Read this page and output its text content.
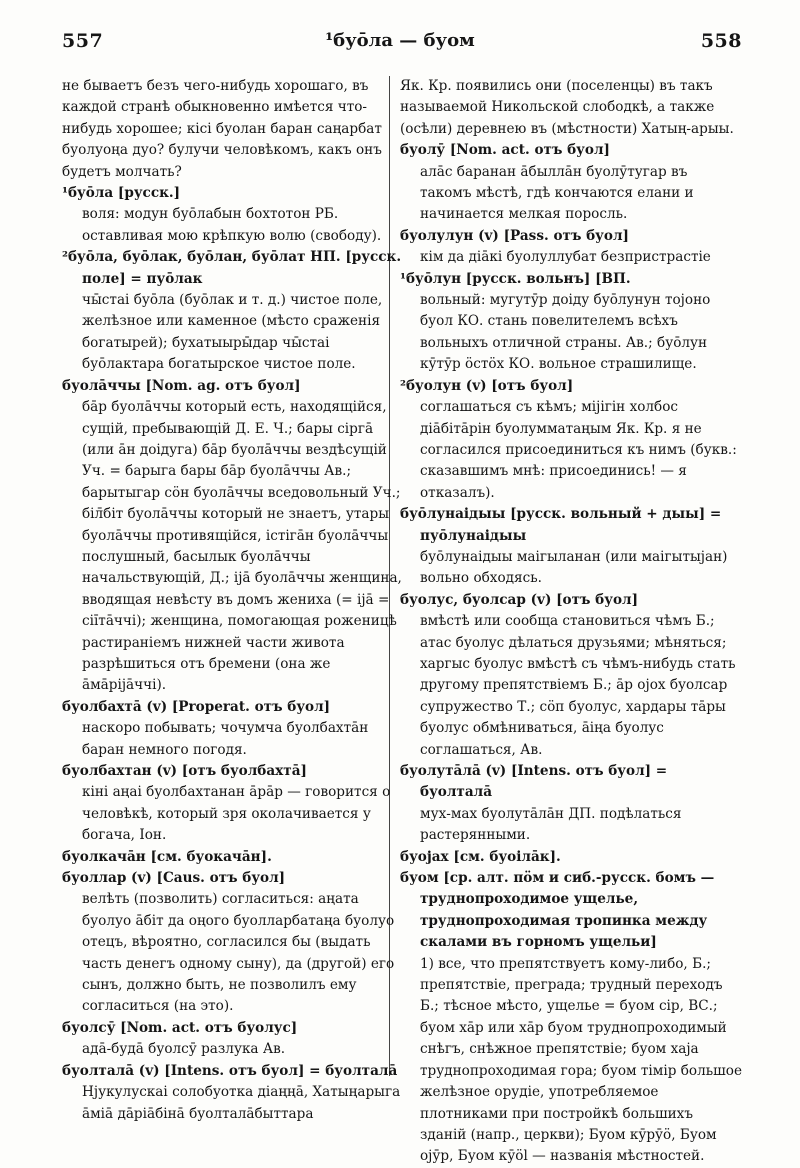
557	¹буо̄ла — буом	558
не бываетъ безъ чего-нибудь хорошаго, въ каждой странѣ обыкновенно имѣется что-нибудь хорошее; кісі буолан баран саңарбат буолуоңа дуо? булучи человѣкомъ, какъ онъ будетъ молчать?
¹буо̄ла [русск.]
воля: модун буо̄лабын бохтотон РБ. оставливая мою крѣпкую волю (свободу).
²буо̄ла, буо̄лак, буо̄лан, буо̄лат НП. [русск. поле] = пуо̄лак
чы̄стаі буо̄ла (буо̄лак и т. д.) чистое поле, желѣзное или каменное (мѣсто сраженія богатырей); бухатыыры̄дар чы̄стаі буо̄лактара богатырское чистое поле.
буола̄ччы [Nom. ag. отъ буол]
ба̄р буола̄ччы который есть, находящійся, сущій, пребывающій Д. Е. Ч.; бары сірга̄ (или а̄н доідуга) ба̄р буола̄ччы вездѣсущій Уч. = барыга бары ба̄р буола̄ччы Ав.; барытыгар сӧн буола̄ччы вседовольный Уч.; біл̄біт буола̄ччы который не знаетъ, утары буола̄ччы противящійся, істіга̄н буола̄ччы послушный, басылык буола̄ччы начальствующій, Д.; іjа̄ буола̄ччы женщина, вводящая невѣсту въ домъ жениха (= іjа̄ = сіі̄та̄ччі); женщина, помогающая роженицѣ растираніемъ нижней части живота разрѣшиться отъ бремени (она же а̄ма̄ріjāччі).
буолбахта̄ (v) [Properat. отъ буол]
наскоро побывать; чочумча буолбахта̄н баран немного погодя.
буолбахтан (v) [отъ буолбахта̄]
кіні аңаі буолбахтанан а̄ра̄р — говорится о человѣкѣ, который зря околачивается у богача, Іон.
буолкача̄н [см. буокача̄н].
буоллар (v) [Caus. отъ буол]
велѣть (позволить) согласиться: аңата буолуо а̄біт да оңого буолларбатаңа буолуо отецъ, вѣроятно, согласился бы (выдать часть денегъ одному сыну), да (другой) его сынъ, должно быть, не позволилъ ему согласиться (на это).
буолсӯ [Nom. act. отъ буолус]
ада̄-буда̄ буолсӯ разлука Ав.
буолтала̄ (v) [Intens. отъ буол] = буолтала̄
Нјукулускаі солобуотка діаңңа̄, Хатыңарыга а̄міа̄ да̄ріа̄біна̄ буолтала̄быттара
Як. Кр. появились они (поселенцы) въ такъ называемой Никольской слободкѣ, а также (осѣли) деревнею въ (мѣстности) Хатың-арыы.
буолӯ [Nom. act. отъ буол]
ала̄с баранан а̄былла̄н буолӯтугар въ такомъ мѣстѣ, гдѣ кончаются елани и начинается мелкая поросль.
буолулун (v) [Pass. отъ буол]
кім да діа̄кі буолуллубат безпристрастіе
¹буо̄лун [русск. вольнъ] [ВП.
вольный: мугутӯр доіду буо̄лунун тојоно буол КО. стань повелителемъ всѣхъ вольныхъ отличной страны. Ав.; буо̄лун кӯтӯр ӧстӧх КО. вольное страшилище.
²буолун (v) [отъ буол]
соглашаться съ кѣмъ; міjігін холбос діа̄біта̄рін буолумматаңым Як. Кр. я не согласился присоединиться къ нимъ (букв.: сказавшимъ мнѣ: присоединись! — я отказалъ).
буо̄лунаідыы [русск. вольный + дыы] = пуо̄лунаідыы
буо̄лунаідыы маігыланан (или маігытыjан) вольно обходясь.
буолус, буолсар (v) [отъ буол]
вмѣстѣ или сообща становиться чѣмъ Б.; атас буолус дѣлаться друзьями; мѣняться; харгыс буолус вмѣстѣ съ чѣмъ-нибудь стать другому препятствіемъ Б.; а̄р ојох буолсар супружество Т.; сӧп буолус, хардары та̄ры буолус обмѣниваться, а̄іңа буолус соглашаться, Ав.
буолута̄ла̄ (v) [Intens. отъ буол] = буолтала̄
мух-мах буолута̄ла̄н ДП. подѣлаться растерянными.
буоjах [см. буоіла̄к].
буом [ср. алт. пӧм и сиб.-русск. бомъ — труднопроходимое ущелье, труднопроходимая тропинка между скалами въ горномъ ущельи]
1) все, что препятствуетъ кому-либо, Б.; препятствіе, преграда; трудный переходъ Б.; тѣсное мѣсто, ущелье = буом сір, ВС.; буом ха̄р или ха̄р буом труднопроходимый снѣгъ, снѣжное препятствіе; буом хаја труднопроходимая гора; буом тімір большое желѣзное орудіе, употребляемое плотниками при постройкѣ большихъ зданій (напр., церкви); Буом кӯрӯӧ, Буом ојӯр, Буом кӯӧl — названія мѣстностей.
